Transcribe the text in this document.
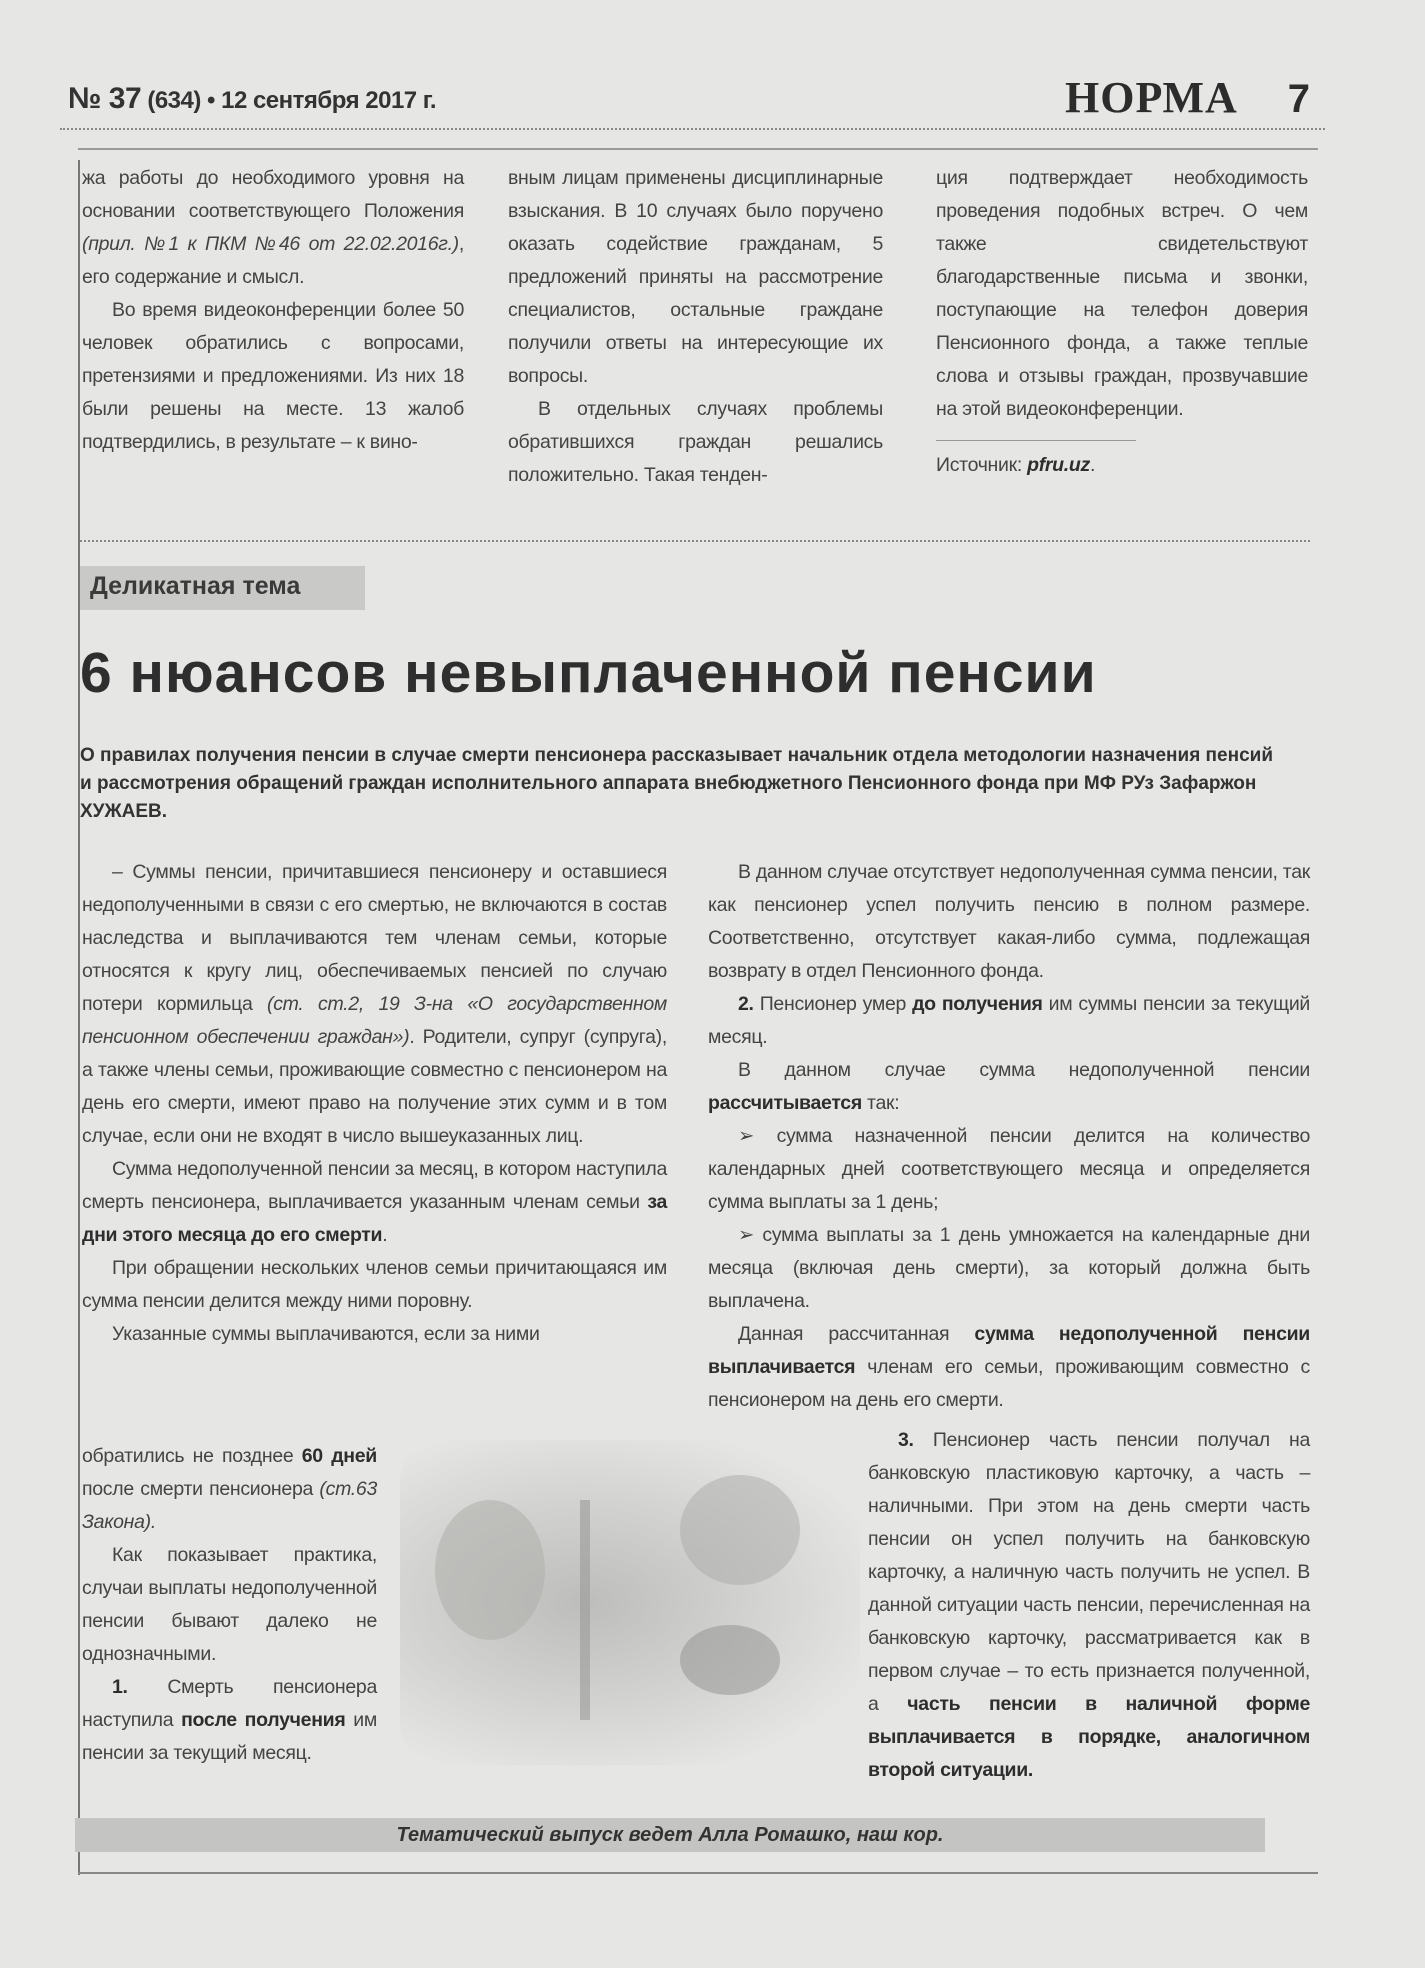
№ 37 (634) • 12 сентября 2017 г.	НОРМА 7

жа работы до необходимого уровня на основании соответствующего Положения (прил. №1 к ПКМ №46 от 22.02.2016г.), его содержание и смысл.

Во время видеоконференции более 50 человек обратились с вопросами, претензиями и предложениями. Из них 18 были решены на месте. 13 жалоб подтвердились, в результате – к вино-

вным лицам применены дисциплинарные взыскания. В 10 случаях было поручено оказать содействие гражданам, 5 предложений приняты на рассмотрение специалистов, остальные граждане получили ответы на интересующие их вопросы.

В отдельных случаях проблемы обратившихся граждан решались положительно. Такая тенден-

ция подтверждает необходимость проведения подобных встреч. О чем также свидетельствуют благодарственные письма и звонки, поступающие на телефон доверия Пенсионного фонда, а также теплые слова и отзывы граждан, прозвучавшие на этой видеоконференции.

Источник: pfru.uz.

Деликатная тема
6 нюансов невыплаченной пенсии
О правилах получения пенсии в случае смерти пенсионера рассказывает начальник отдела методологии назначения пенсий и рассмотрения обращений граждан исполнительного аппарата внебюджетного Пенсионного фонда при МФ РУз Зафаржон ХУЖАЕВ.

– Суммы пенсии, причитавшиеся пенсионеру и оставшиеся недополученными в связи с его смертью, не включаются в состав наследства и выплачиваются тем членам семьи, которые относятся к кругу лиц, обеспечиваемых пенсией по случаю потери кормильца (ст. ст.2, 19 З-на «О государственном пенсионном обеспечении граждан»). Родители, супруг (супруга), а также члены семьи, проживающие совместно с пенсионером на день его смерти, имеют право на получение этих сумм и в том случае, если они не входят в число вышеуказанных лиц.

Сумма недополученной пенсии за месяц, в котором наступила смерть пенсионера, выплачивается указанным членам семьи за дни этого месяца до его смерти.

При обращении нескольких членов семьи причитающаяся им сумма пенсии делится между ними поровну.

Указанные суммы выплачиваются, если за ними

В данном случае отсутствует недополученная сумма пенсии, так как пенсионер успел получить пенсию в полном размере. Соответственно, отсутствует какая-либо сумма, подлежащая возврату в отдел Пенсионного фонда.

2. Пенсионер умер до получения им суммы пенсии за текущий месяц.

В данном случае сумма недополученной пенсии рассчитывается так:

➢ сумма назначенной пенсии делится на количество календарных дней соответствующего месяца и определяется сумма выплаты за 1 день;

➢ сумма выплаты за 1 день умножается на календарные дни месяца (включая день смерти), за который должна быть выплачена.

Данная рассчитанная сумма недополученной пенсии выплачивается членам его семьи, проживающим совместно с пенсионером на день его смерти.

обратились не позднее 60 дней после смерти пенсионера (ст.63 Закона).

Как показывает практика, случаи выплаты недополученной пенсии бывают далеко не однозначными.

1. Смерть пенсионера наступила после получения им пенсии за текущий месяц.

3. Пенсионер часть пенсии получал на банковскую пластиковую карточку, а часть – наличными. При этом на день смерти часть пенсии он успел получить на банковскую карточку, а наличную часть получить не успел. В данной ситуации часть пенсии, перечисленная на банковскую карточку, рассматривается как в первом случае – то есть признается полученной, а часть пенсии в наличной форме выплачивается в порядке, аналогичном второй ситуации.

Тематический выпуск ведет Алла Ромашко, наш кор.
